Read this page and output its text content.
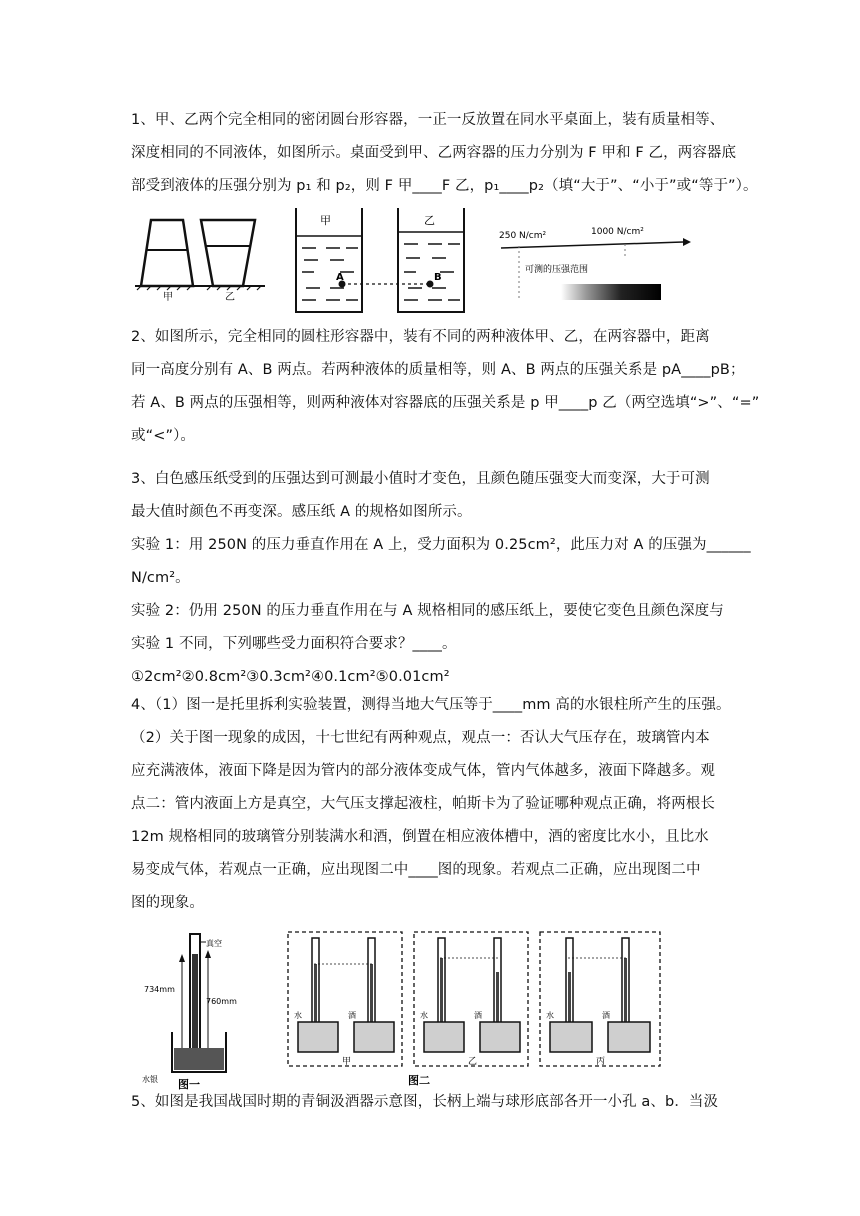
1、甲、乙两个完全相同的密闭圆台形容器，一正一反放置在同水平桌面上，装有质量相等、
深度相同的不同液体，如图所示。桌面受到甲、乙两容器的压力分别为 F 甲和 F 乙，两容器底
部受到液体的压强分别为 p₁ 和 p₂，则 F 甲____F 乙，p₁____p₂（填“大于”、“小于”或“等于”）。
甲	乙
A	B
甲	乙
250 N/cm²	1000 N/cm²
可测的压强范围
2、如图所示，完全相同的圆柱形容器中，装有不同的两种液体甲、乙，在两容器中，距离
同一高度分别有 A、B 两点。若两种液体的质量相等，则 A、B 两点的压强关系是 pA____pB；
若 A、B 两点的压强相等，则两种液体对容器底的压强关系是 p 甲____p 乙（两空选填“>”、“=”
或“<”）。
3、白色感压纸受到的压强达到可测最小值时才变色，且颜色随压强变大而变深，大于可测
最大值时颜色不再变深。感压纸 A 的规格如图所示。
实验 1：用 250N 的压力垂直作用在 A 上，受力面积为 0.25cm²，此压力对 A 的压强为______
N/cm²。
实验 2：仍用 250N 的压力垂直作用在与 A 规格相同的感压纸上，要使它变色且颜色深度与
实验 1 不同，下列哪些受力面积符合要求？____。
①2cm²②0.8cm²③0.3cm²④0.1cm²⑤0.01cm²
4、（1）图一是托里拆利实验装置，测得当地大气压等于____mm 高的水银柱所产生的压强。
（2）关于图一现象的成因，十七世纪有两种观点，观点一：否认大气压存在，玻璃管内本
应充满液体，液面下降是因为管内的部分液体变成气体，管内气体越多，液面下降越多。观
点二：管内液面上方是真空，大气压支撑起液柱，帕斯卡为了验证哪种观点正确，将两根长
12m 规格相同的玻璃管分别装满水和酒，倒置在相应液体槽中，酒的密度比水小，且比水
易变成气体，若观点一正确，应出现图二中____图的现象。若观点二正确，应出现图二中
图的现象。
真空
734mm
760mm
水银 图一
水	酒
甲
水	酒
乙
水	酒
丙
图二
5、如图是我国战国时期的青铜汲酒器示意图，长柄上端与球形底部各开一小孔 a、b．当汲
